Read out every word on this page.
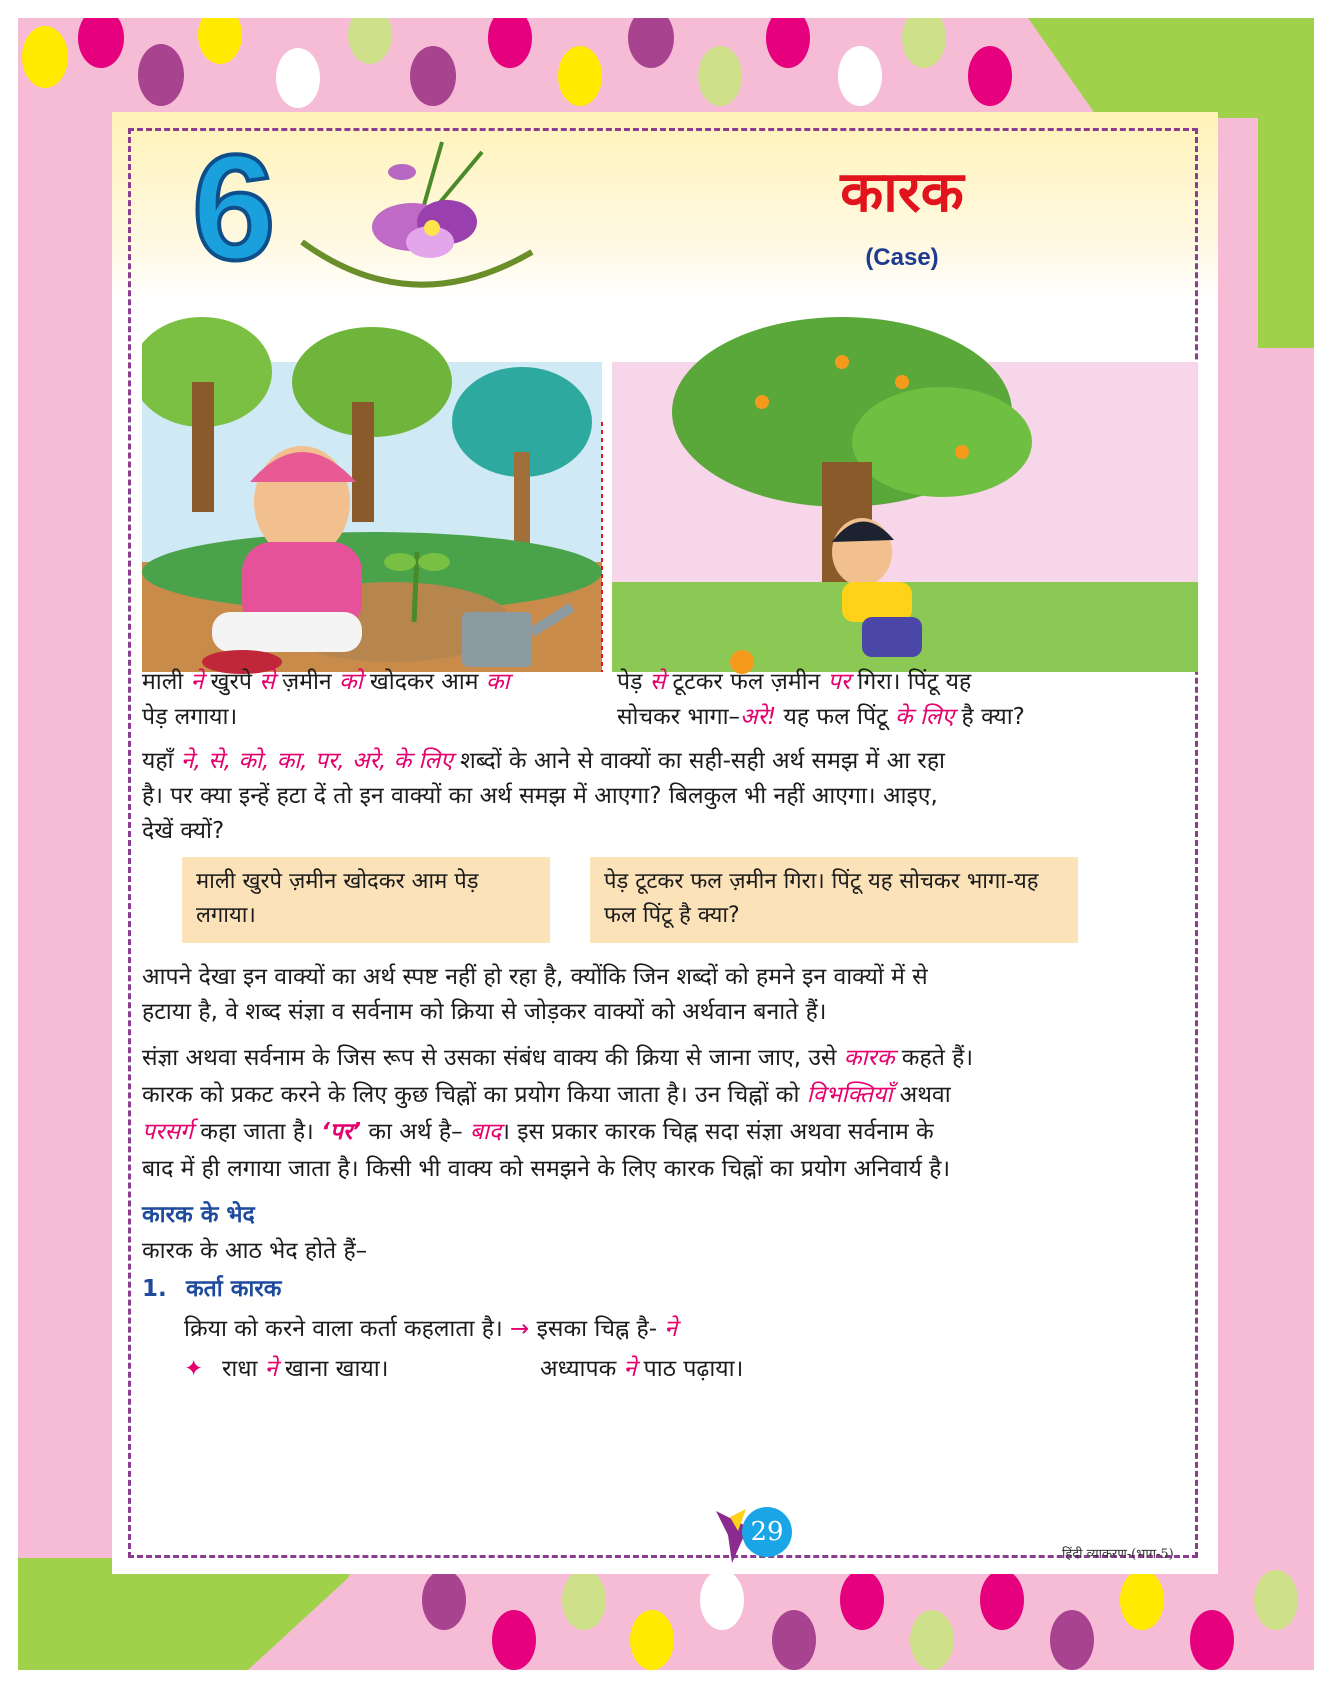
6	कारक
(Case)
माली ने खुरपे से ज़मीन को खोदकर आम का
पेड़ लगाया।
पेड़ से टूटकर फल ज़मीन पर गिरा। पिंटू यह
सोचकर भागा–अरे! यह फल पिंटू के लिए है क्या?
यहाँ ने, से, को, का, पर, अरे, के लिए शब्दों के आने से वाक्यों का सही-सही अर्थ समझ में आ रहा
है। पर क्या इन्हें हटा दें तो इन वाक्यों का अर्थ समझ में आएगा? बिलकुल भी नहीं आएगा। आइए,
देखें क्यों?
माली खुरपे ज़मीन खोदकर आम पेड़ लगाया।
पेड़ टूटकर फल ज़मीन गिरा। पिंटू यह सोचकर भागा-यह फल पिंटू है क्या?
आपने देखा इन वाक्यों का अर्थ स्पष्ट नहीं हो रहा है, क्योंकि जिन शब्दों को हमने इन वाक्यों में से
हटाया है, वे शब्द संज्ञा व सर्वनाम को क्रिया से जोड़कर वाक्यों को अर्थवान बनाते हैं।
संज्ञा अथवा सर्वनाम के जिस रूप से उसका संबंध वाक्य की क्रिया से जाना जाए, उसे कारक कहते हैं।
कारक को प्रकट करने के लिए कुछ चिह्नों का प्रयोग किया जाता है। उन चिह्नों को विभक्तियाँ अथवा
परसर्ग कहा जाता है। ‘पर’ का अर्थ है– बाद। इस प्रकार कारक चिह्न सदा संज्ञा अथवा सर्वनाम के
बाद में ही लगाया जाता है। किसी भी वाक्य को समझने के लिए कारक चिह्नों का प्रयोग अनिवार्य है।
कारक के भेद
कारक के आठ भेद होते हैं–
1. कर्ता कारक
क्रिया को करने वाला कर्ता कहलाता है। → इसका चिह्न है- ने
✦ राधा ने खाना खाया।	अध्यापक ने पाठ पढ़ाया।
29
हिंदी व्याकरण-(भाग-5)
